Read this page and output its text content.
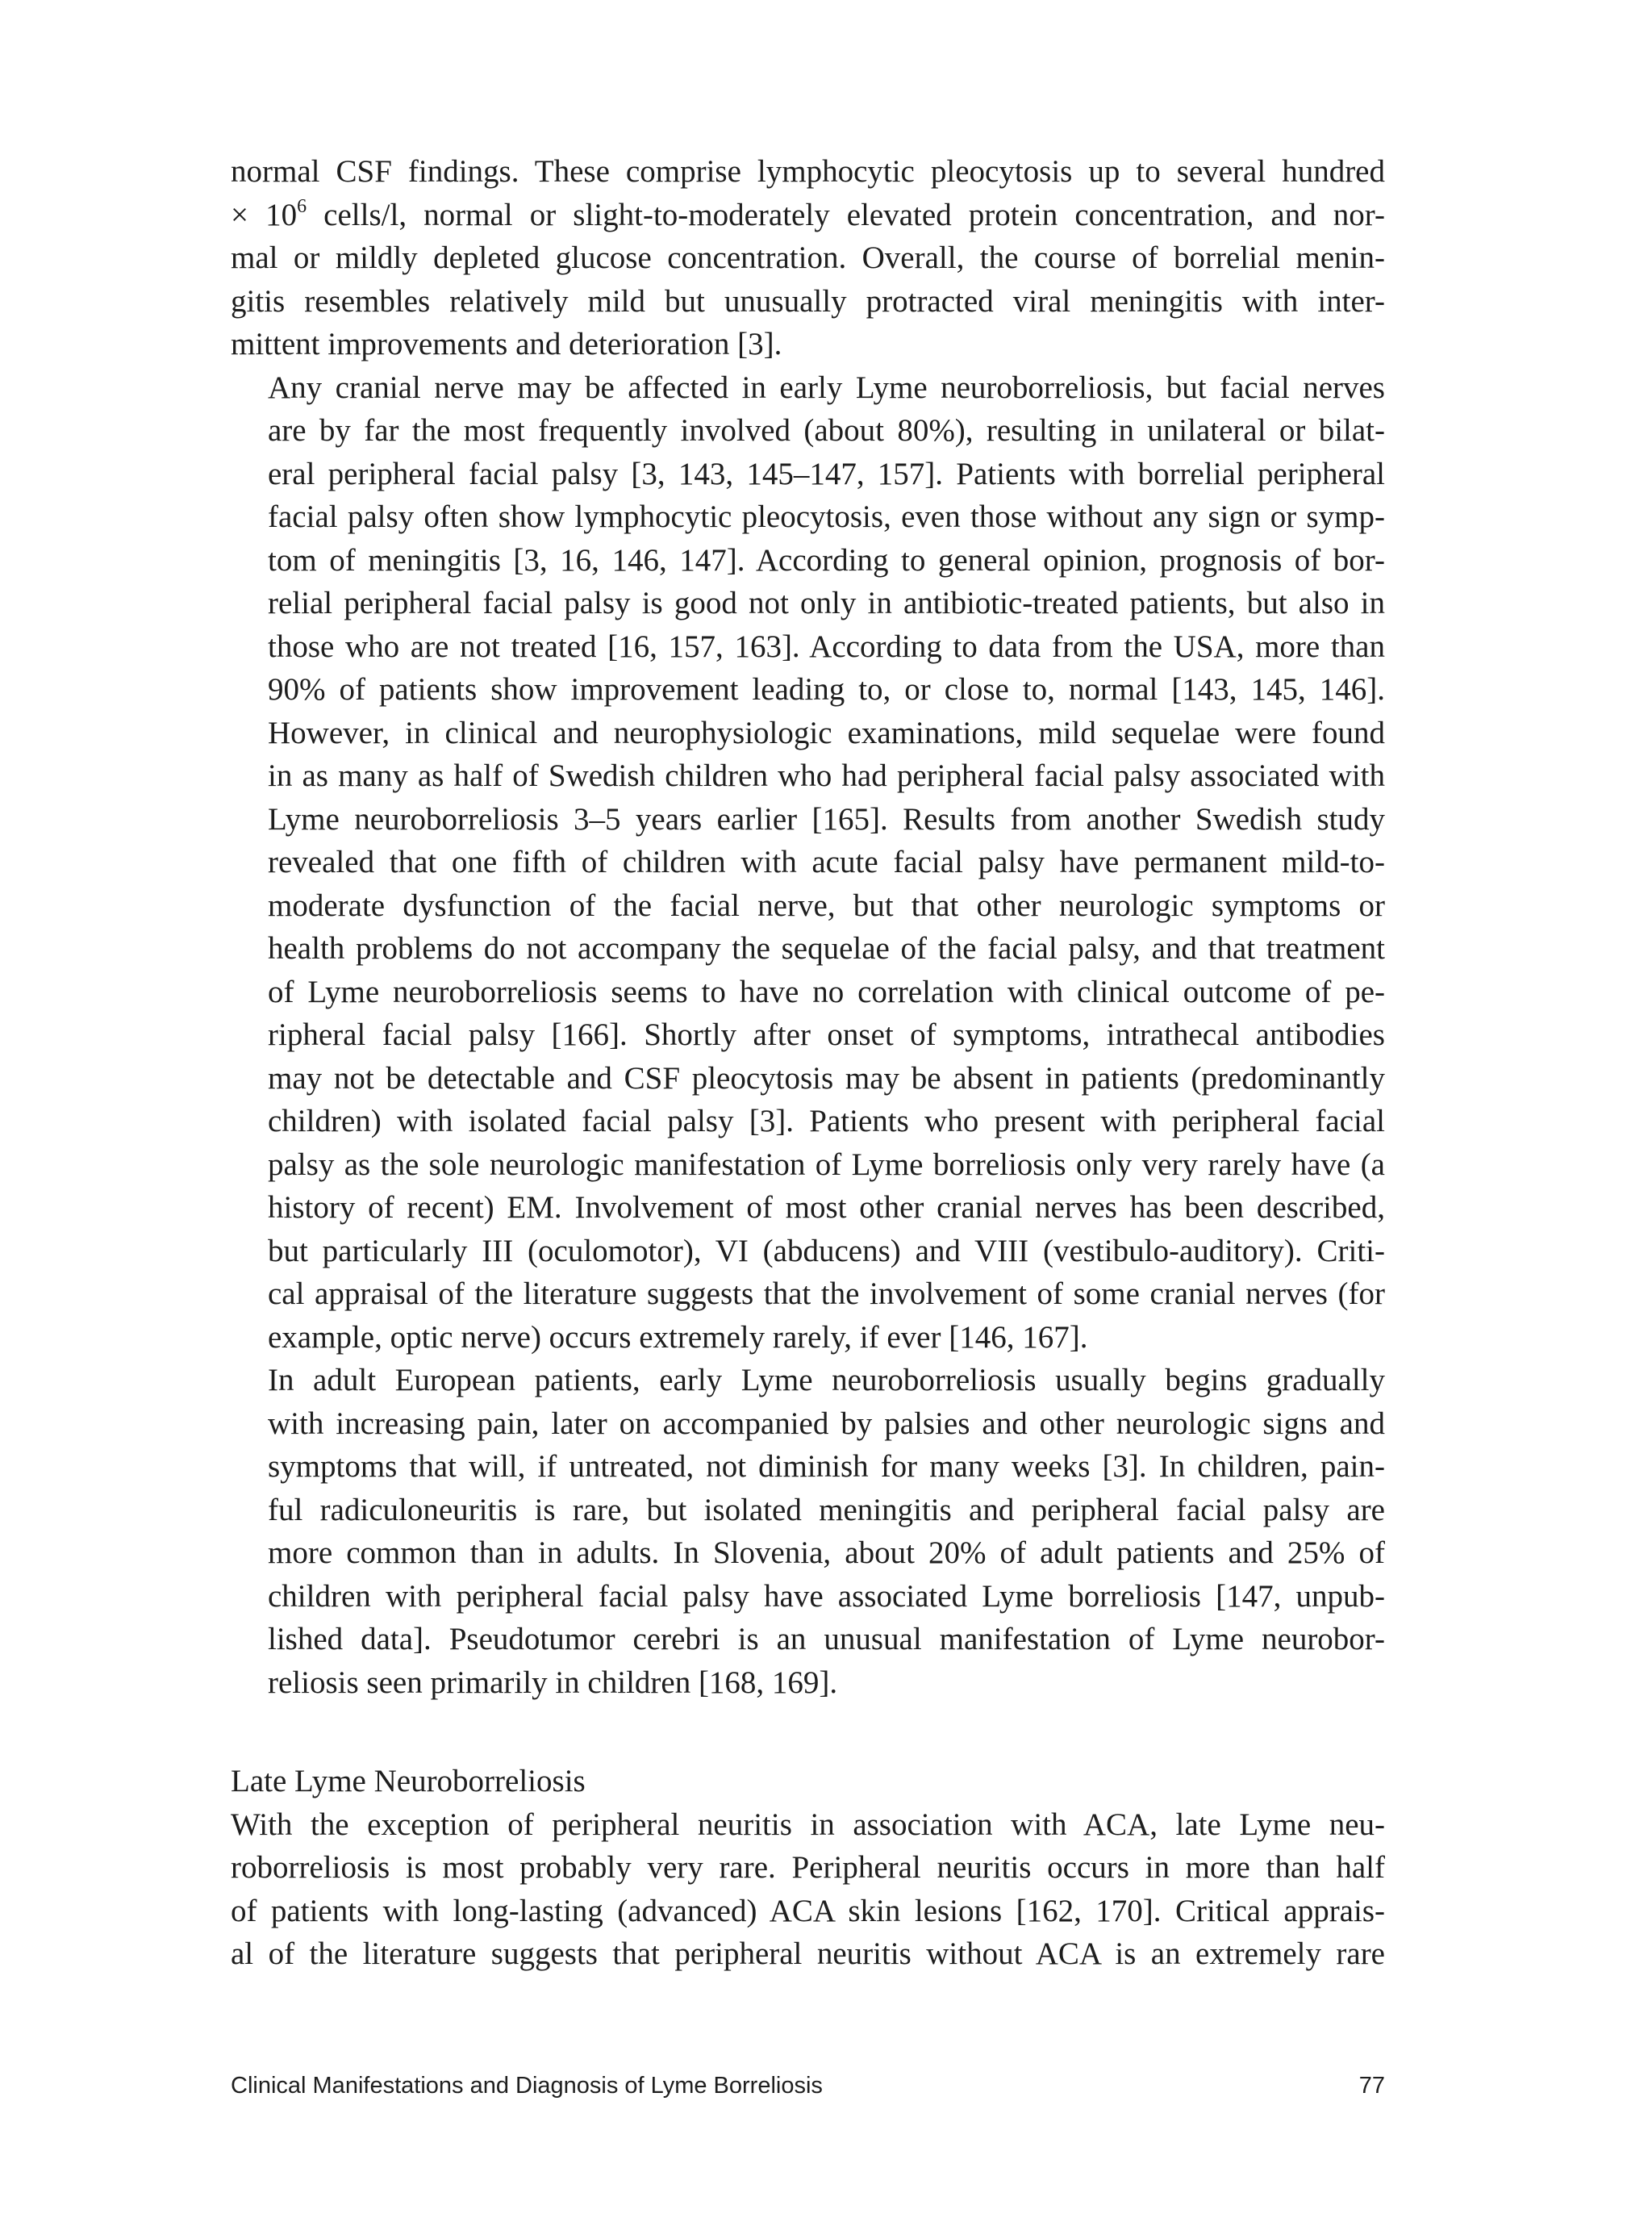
normal CSF findings. These comprise lymphocytic pleocytosis up to several hundred
× $10^6$ cells/l, normal or slight-to-moderately elevated protein concentration, and nor-
mal or mildly depleted glucose concentration. Overall, the course of borrelial menin-
gitis resembles relatively mild but unusually protracted viral meningitis with inter-
mittent improvements and deterioration [3].

Any cranial nerve may be affected in early Lyme neuroborreliosis, but facial nerves
are by far the most frequently involved (about 80%), resulting in unilateral or bilat-
eral peripheral facial palsy [3, 143, 145–147, 157]. Patients with borrelial peripheral
facial palsy often show lymphocytic pleocytosis, even those without any sign or symp-
tom of meningitis [3, 16, 146, 147]. According to general opinion, prognosis of bor-
relial peripheral facial palsy is good not only in antibiotic-treated patients, but also in
those who are not treated [16, 157, 163]. According to data from the USA, more than
90% of patients show improvement leading to, or close to, normal [143, 145, 146].
However, in clinical and neurophysiologic examinations, mild sequelae were found
in as many as half of Swedish children who had peripheral facial palsy associated with
Lyme neuroborreliosis 3–5 years earlier [165]. Results from another Swedish study
revealed that one fifth of children with acute facial palsy have permanent mild-to-
moderate dysfunction of the facial nerve, but that other neurologic symptoms or
health problems do not accompany the sequelae of the facial palsy, and that treatment
of Lyme neuroborreliosis seems to have no correlation with clinical outcome of pe-
ripheral facial palsy [166]. Shortly after onset of symptoms, intrathecal antibodies
may not be detectable and CSF pleocytosis may be absent in patients (predominantly
children) with isolated facial palsy [3]. Patients who present with peripheral facial
palsy as the sole neurologic manifestation of Lyme borreliosis only very rarely have (a
history of recent) EM. Involvement of most other cranial nerves has been described,
but particularly III (oculomotor), VI (abducens) and VIII (vestibulo-auditory). Criti-
cal appraisal of the literature suggests that the involvement of some cranial nerves (for
example, optic nerve) occurs extremely rarely, if ever [146, 167].

In adult European patients, early Lyme neuroborreliosis usually begins gradually
with increasing pain, later on accompanied by palsies and other neurologic signs and
symptoms that will, if untreated, not diminish for many weeks [3]. In children, pain-
ful radiculoneuritis is rare, but isolated meningitis and peripheral facial palsy are
more common than in adults. In Slovenia, about 20% of adult patients and 25% of
children with peripheral facial palsy have associated Lyme borreliosis [147, unpub-
lished data]. Pseudotumor cerebri is an unusual manifestation of Lyme neurobor-
reliosis seen primarily in children [168, 169].

Late Lyme Neuroborreliosis

With the exception of peripheral neuritis in association with ACA, late Lyme neu-
roborreliosis is most probably very rare. Peripheral neuritis occurs in more than half
of patients with long-lasting (advanced) ACA skin lesions [162, 170]. Critical apprais-
al of the literature suggests that peripheral neuritis without ACA is an extremely rare

Clinical Manifestations and Diagnosis of Lyme Borreliosis	77
